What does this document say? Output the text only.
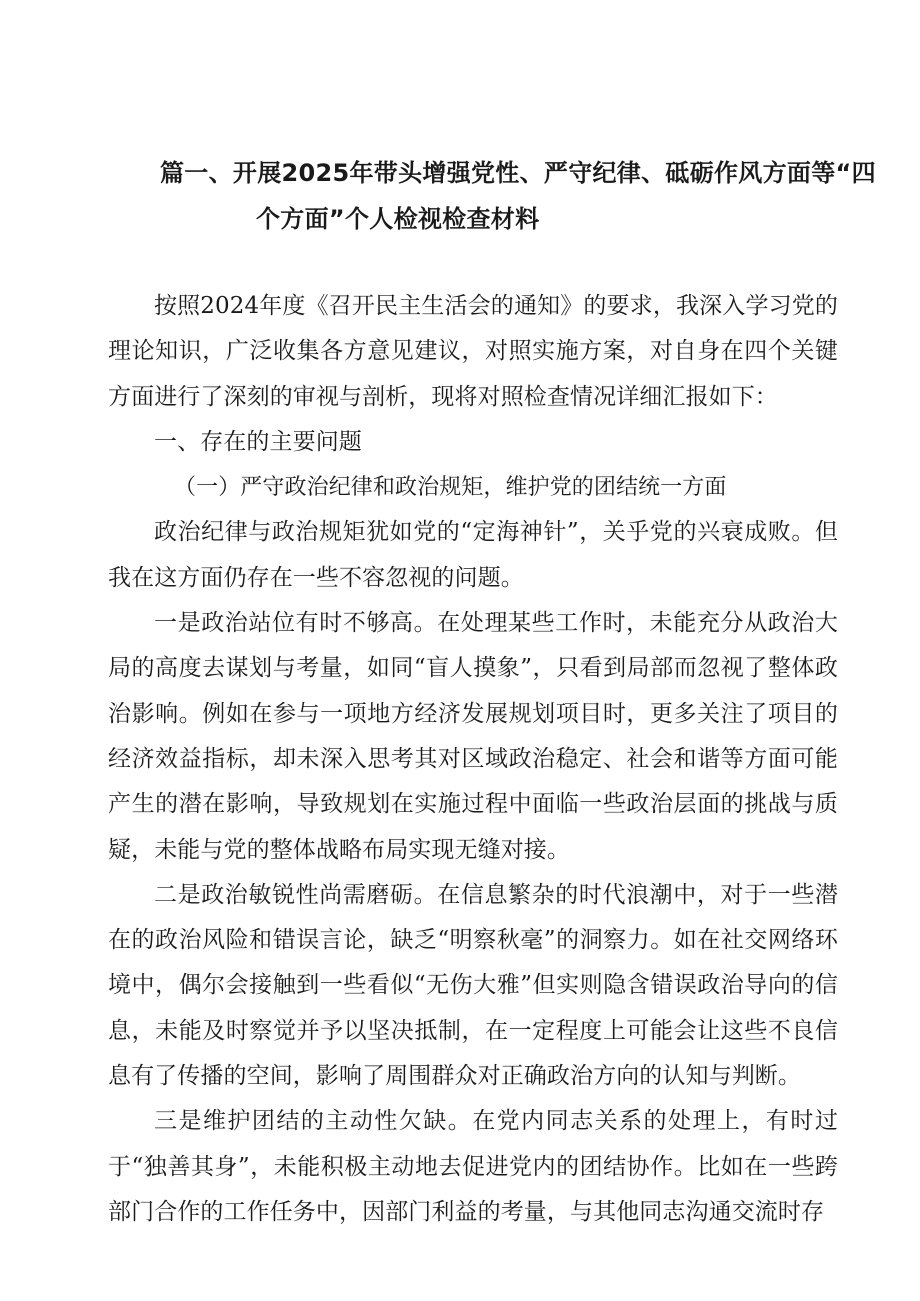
篇一、开展2025年带头增强党性、严守纪律、砥砺作风方面等“四
个方面”个人检视检查材料

按照2024年度《召开民主生活会的通知》的要求，我深入学习党的理论知识，广泛收集各方意见建议，对照实施方案，对自身在四个关键方面进行了深刻的审视与剖析，现将对照检查情况详细汇报如下：

一、存在的主要问题
（一）严守政治纪律和政治规矩，维护党的团结统一方面

政治纪律与政治规矩犹如党的“定海神针”，关乎党的兴衰成败。但我在这方面仍存在一些不容忽视的问题。

一是政治站位有时不够高。在处理某些工作时，未能充分从政治大局的高度去谋划与考量，如同“盲人摸象”，只看到局部而忽视了整体政治影响。例如在参与一项地方经济发展规划项目时，更多关注了项目的经济效益指标，却未深入思考其对区域政治稳定、社会和谐等方面可能产生的潜在影响，导致规划在实施过程中面临一些政治层面的挑战与质疑，未能与党的整体战略布局实现无缝对接。

二是政治敏锐性尚需磨砺。在信息繁杂的时代浪潮中，对于一些潜在的政治风险和错误言论，缺乏“明察秋毫”的洞察力。如在社交网络环境中，偶尔会接触到一些看似“无伤大雅”但实则隐含错误政治导向的信息，未能及时察觉并予以坚决抵制，在一定程度上可能会让这些不良信息有了传播的空间，影响了周围群众对正确政治方向的认知与判断。

三是维护团结的主动性欠缺。在党内同志关系的处理上，有时过于“独善其身”，未能积极主动地去促进党内的团结协作。比如在一些跨部门合作的工作任务中，因部门利益的考量，与其他同志沟通交流时存
